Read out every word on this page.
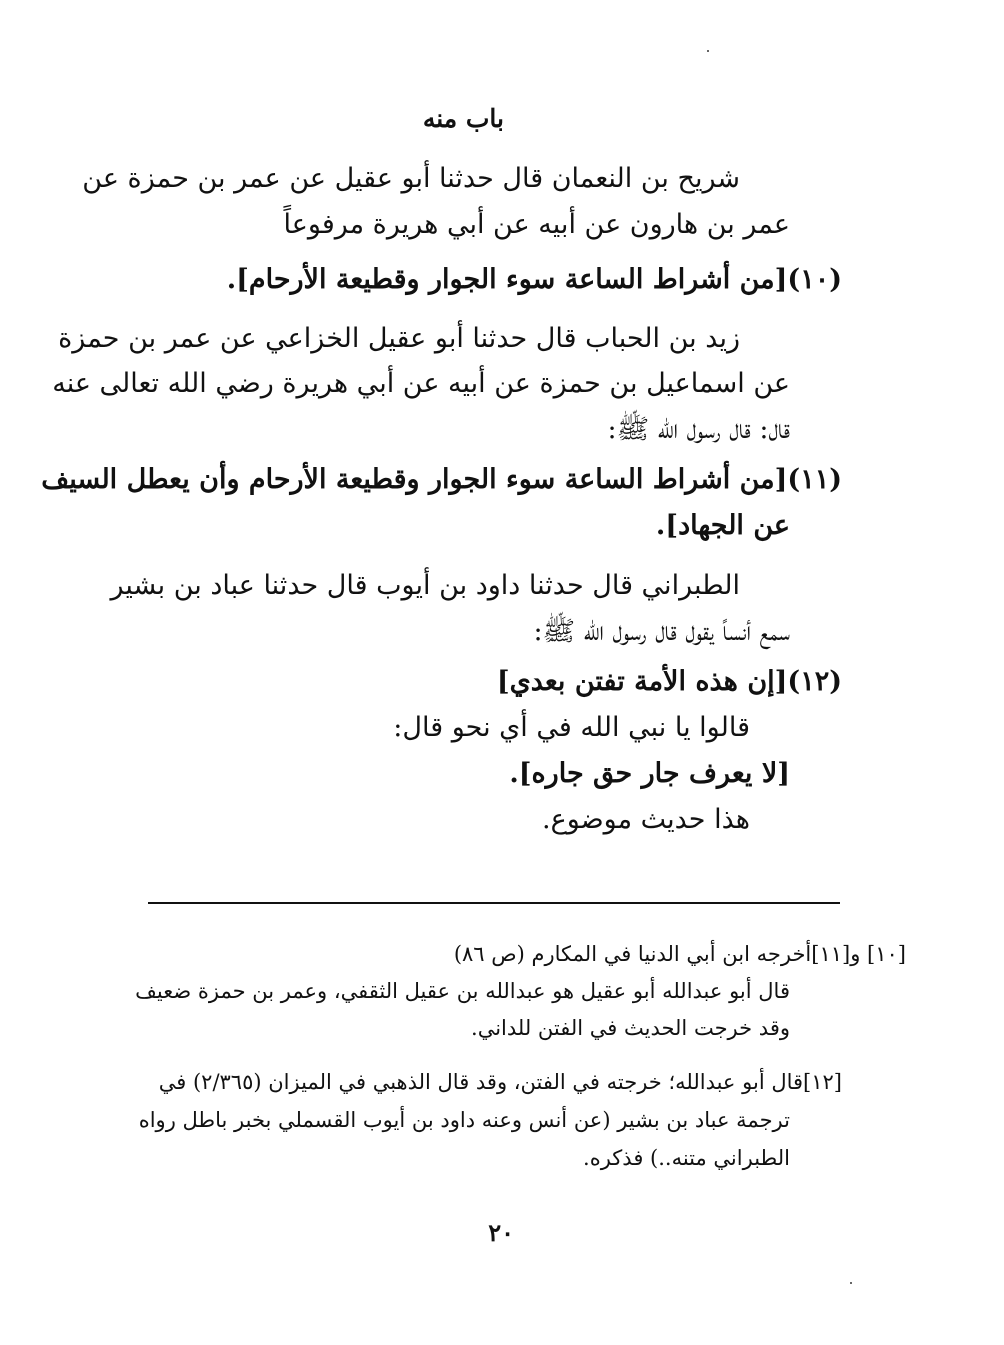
باب منه
شريح بن النعمان قال حدثنا أبو عقيل عن عمر بن حمزة عن
عمر بن هارون عن أبيه عن أبي هريرة مرفوعاً
(١٠)[من أشراط الساعة سوء الجوار وقطيعة الأرحام].
زيد بن الحباب قال حدثنا أبو عقيل الخزاعي عن عمر بن حمزة
عن اسماعيل بن حمزة عن أبيه عن أبي هريرة رضي الله تعالى عنه
قال: قال رسول الله ﷺ:
(١١)[من أشراط الساعة سوء الجوار وقطيعة الأرحام وأن يعطل السيف
عن الجهاد].
الطبراني قال حدثنا داود بن أيوب قال حدثنا عباد بن بشير
سمع أنساً يقول قال رسول الله ﷺ:
(١٢)[إن هذه الأمة تفتن بعدي]
قالوا يا نبي الله في أي نحو قال:
[لا يعرف جار حق جاره].
هذا حديث موضوع.
[١٠] و[١١]أخرجه ابن أبي الدنيا في المكارم (ص ٨٦)
قال أبو عبدالله أبو عقيل هو عبدالله بن عقيل الثقفي، وعمر بن حمزة ضعيف
وقد خرجت الحديث في الفتن للداني.
[١٢]قال أبو عبدالله؛ خرجته في الفتن، وقد قال الذهبي في الميزان (٢/٣٦٥) في
ترجمة عباد بن بشير (عن أنس وعنه داود بن أيوب القسملي بخبر باطل رواه
الطبراني متنه..) فذكره.
٢٠
